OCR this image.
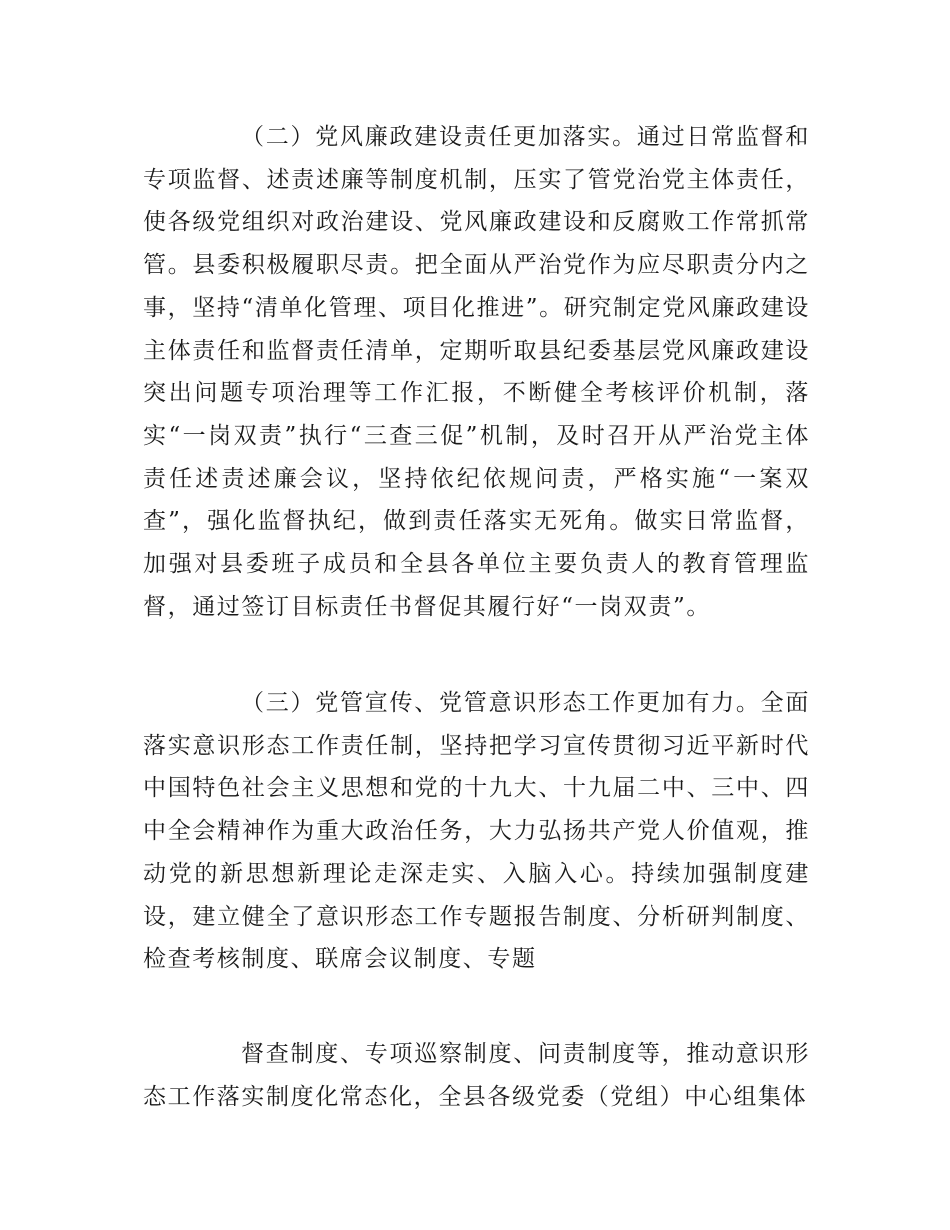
（二）党风廉政建设责任更加落实。通过日常监督和专项监督、述责述廉等制度机制，压实了管党治党主体责任，使各级党组织对政治建设、党风廉政建设和反腐败工作常抓常管。县委积极履职尽责。把全面从严治党作为应尽职责分内之事，坚持“清单化管理、项目化推进”。研究制定党风廉政建设主体责任和监督责任清单，定期听取县纪委基层党风廉政建设突出问题专项治理等工作汇报，不断健全考核评价机制，落实“一岗双责”执行“三查三促”机制，及时召开从严治党主体责任述责述廉会议，坚持依纪依规问责，严格实施“一案双查”，强化监督执纪，做到责任落实无死角。做实日常监督，加强对县委班子成员和全县各单位主要负责人的教育管理监督，通过签订目标责任书督促其履行好“一岗双责”。

（三）党管宣传、党管意识形态工作更加有力。全面落实意识形态工作责任制，坚持把学习宣传贯彻习近平新时代中国特色社会主义思想和党的十九大、十九届二中、三中、四中全会精神作为重大政治任务，大力弘扬共产党人价值观，推动党的新思想新理论走深走实、入脑入心。持续加强制度建设，建立健全了意识形态工作专题报告制度、分析研判制度、检查考核制度、联席会议制度、专题

督查制度、专项巡察制度、问责制度等，推动意识形态工作落实制度化常态化，全县各级党委（党组）中心组集体
